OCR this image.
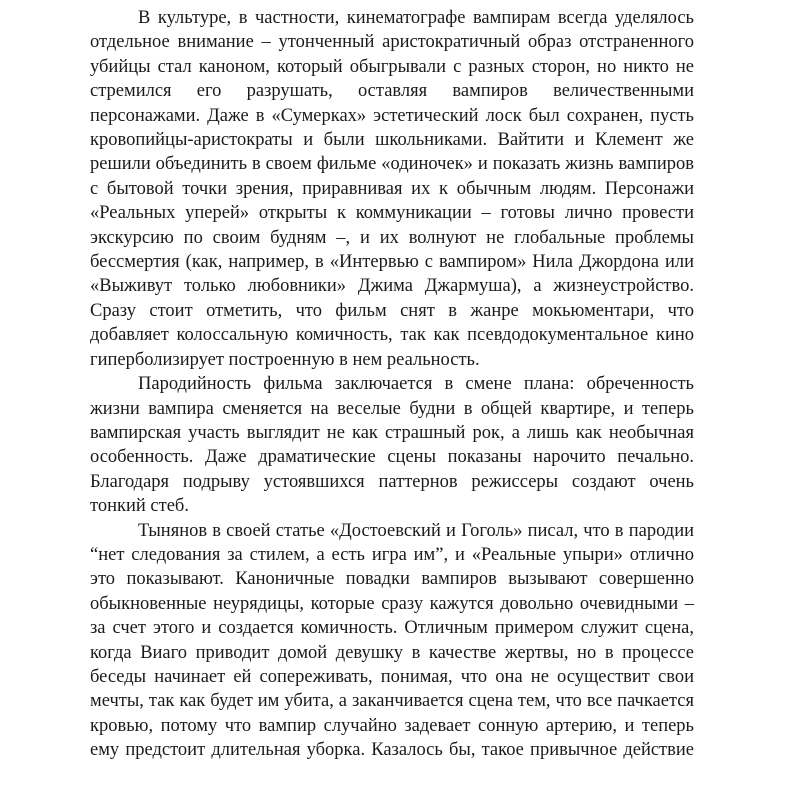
В культуре, в частности, кинематографе вампирам всегда уделялось
отдельное внимание – утонченный аристократичный образ отстраненного
убийцы стал каноном, который обыгрывали с разных сторон, но никто не
стремился его разрушать, оставляя вампиров величественными
персонажами. Даже в «Сумерках» эстетический лоск был сохранен, пусть
кровопийцы-аристократы и были школьниками. Вайтити и Клемент же
решили объединить в своем фильме «одиночек» и показать жизнь вампиров
с бытовой точки зрения, приравнивая их к обычным людям. Персонажи
«Реальных уперей» открыты к коммуникации – готовы лично провести
экскурсию по своим будням –, и их волнуют не глобальные проблемы
бессмертия (как, например, в «Интервью с вампиром» Нила Джордона или
«Выживут только любовники» Джима Джармуша), а жизнеустройство.
Сразу стоит отметить, что фильм снят в жанре мокьюментари, что
добавляет колоссальную комичность, так как псевдодокументальное кино
гиперболизирует построенную в нем реальность.
Пародийность фильма заключается в смене плана: обреченность
жизни вампира сменяется на веселые будни в общей квартире, и теперь
вампирская участь выглядит не как страшный рок, а лишь как необычная
особенность. Даже драматические сцены показаны нарочито печально.
Благодаря подрыву устоявшихся паттернов режиссеры создают очень
тонкий стеб.
Тынянов в своей статье «Достоевский и Гоголь» писал, что в пародии
“нет следования за стилем, а есть игра им”, и «Реальные упыри» отлично
это показывают. Каноничные повадки вампиров вызывают совершенно
обыкновенные неурядицы, которые сразу кажутся довольно очевидными –
за счет этого и создается комичность. Отличным примером служит сцена,
когда Виаго приводит домой девушку в качестве жертвы, но в процессе
беседы начинает ей сопереживать, понимая, что она не осуществит свои
мечты, так как будет им убита, а заканчивается сцена тем, что все пачкается
кровью, потому что вампир случайно задевает сонную артерию, и теперь
ему предстоит длительная уборка. Казалось бы, такое привычное действие
